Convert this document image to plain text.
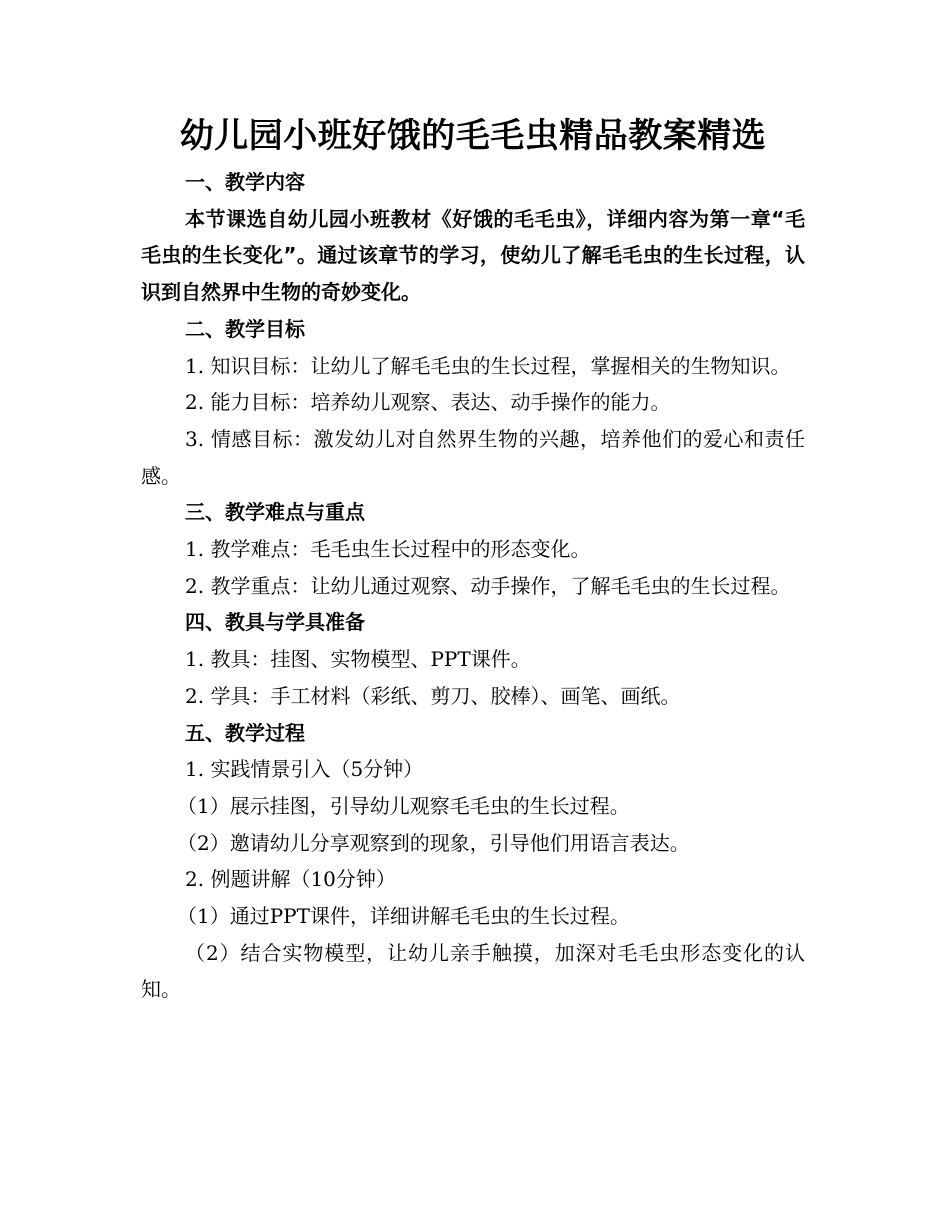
幼儿园小班好饿的毛毛虫精品教案精选

一、教学内容

本节课选自幼儿园小班教材《好饿的毛毛虫》，详细内容为第一章“毛毛虫的生长变化”。通过该章节的学习，使幼儿了解毛毛虫的生长过程，认识到自然界中生物的奇妙变化。

二、教学目标

1. 知识目标：让幼儿了解毛毛虫的生长过程，掌握相关的生物知识。

2. 能力目标：培养幼儿观察、表达、动手操作的能力。

3. 情感目标：激发幼儿对自然界生物的兴趣，培养他们的爱心和责任感。

三、教学难点与重点

1. 教学难点：毛毛虫生长过程中的形态变化。

2. 教学重点：让幼儿通过观察、动手操作，了解毛毛虫的生长过程。

四、教具与学具准备

1. 教具：挂图、实物模型、PPT课件。

2. 学具：手工材料（彩纸、剪刀、胶棒）、画笔、画纸。

五、教学过程

1. 实践情景引入（5分钟）

（1）展示挂图，引导幼儿观察毛毛虫的生长过程。

（2）邀请幼儿分享观察到的现象，引导他们用语言表达。

2. 例题讲解（10分钟）

（1）通过PPT课件，详细讲解毛毛虫的生长过程。

（2）结合实物模型，让幼儿亲手触摸，加深对毛毛虫形态变化的认知。
